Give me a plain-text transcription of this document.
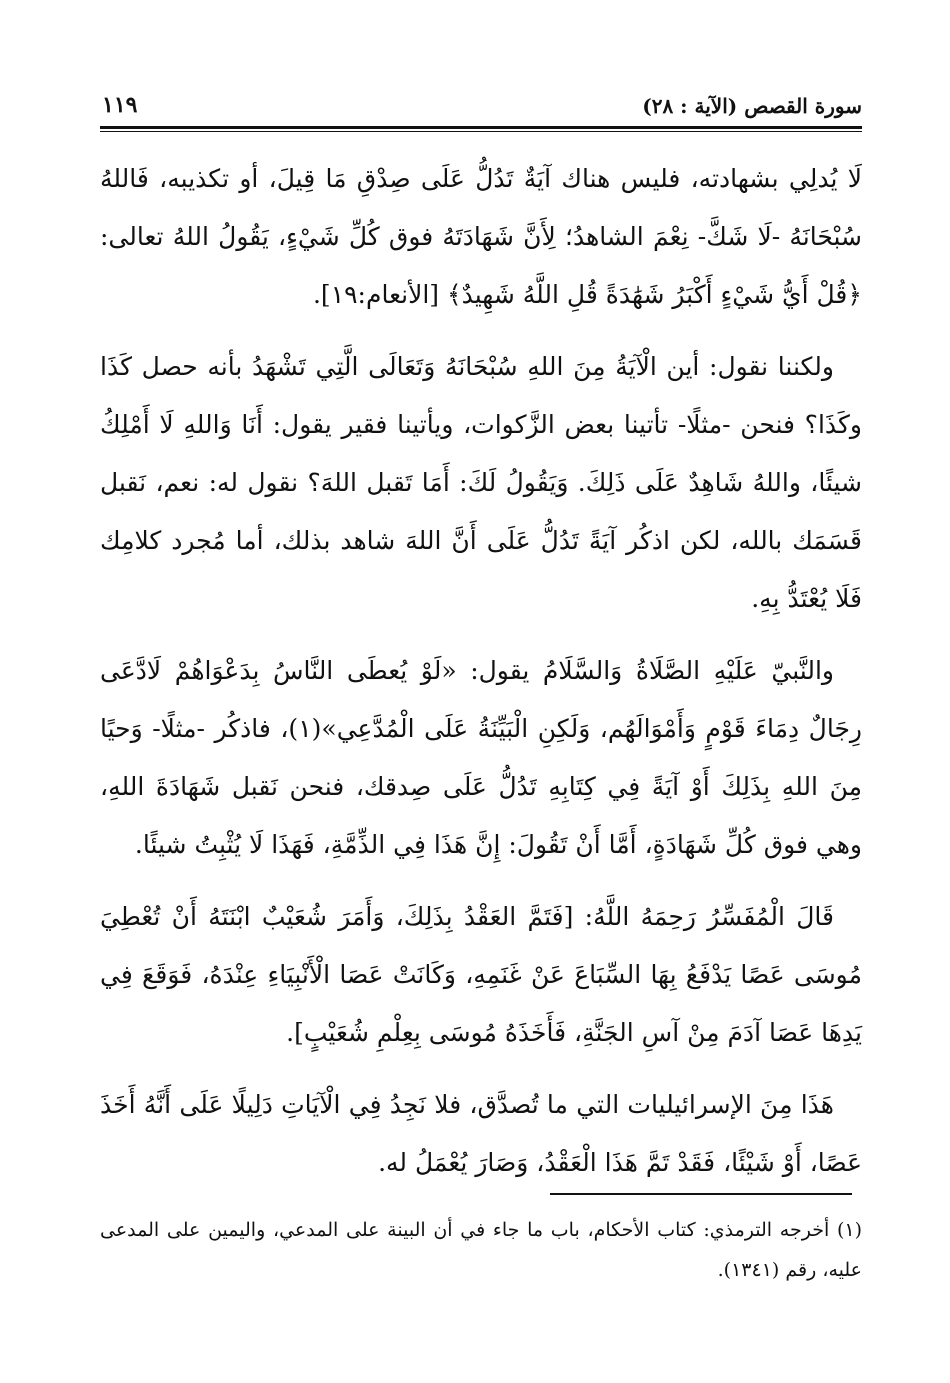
سورة القصص (الآية : ٢٨)
١١٩

لَا يُدلِي بشهادته، فليس هناك آيَةٌ تَدُلُّ عَلَى صِدْقِ مَا قِيلَ، أو تكذيبه، فَاللهُ سُبْحَانَهُ -لَا شَكَّ- نِعْمَ الشاهدُ؛ لِأَنَّ شَهَادَتَهُ فوق كُلِّ شَيْءٍ، يَقُولُ اللهُ تعالى: ﴿قُلْ أَيُّ شَيْءٍ أَكْبَرُ شَهَٰدَةً قُلِ اللَّهُ شَهِيدٌ﴾ [الأنعام:١٩].

ولكننا نقول: أين الْآيَةُ مِنَ اللهِ سُبْحَانَهُ وَتَعَالَى الَّتِي تَشْهَدُ بأنه حصل كَذَا وكَذَا؟ فنحن -مثلًا- تأتينا بعض الزَّكوات، ويأتينا فقير يقول: أَنَا وَاللهِ لَا أَمْلِكُ شيئًا، واللهُ شَاهِدٌ عَلَى ذَلِكَ. وَيَقُولُ لَكَ: أَمَا تَقبل اللهَ؟ نقول له: نعم، نَقبل قَسَمَك بالله، لكن اذكُر آيَةً تَدُلُّ عَلَى أَنَّ اللهَ شاهد بذلك، أما مُجرد كلامِك فَلَا يُعْتَدُّ بِهِ.

والنَّبيّ عَلَيْهِ الصَّلَاةُ وَالسَّلَامُ يقول: «لَوْ يُعطَى النَّاسُ بِدَعْوَاهُمْ لَادَّعَى رِجَالٌ دِمَاءَ قَوْمٍ وَأَمْوَالَهُم، وَلَكِنِ الْبَيِّنَةُ عَلَى الْمُدَّعِي»(١)، فاذكُر -مثلًا- وَحيًا مِنَ اللهِ بِذَلِكَ أَوْ آيَةً فِي كِتَابِهِ تَدُلُّ عَلَى صِدقك، فنحن نَقبل شَهَادَةَ اللهِ، وهي فوق كُلِّ شَهَادَةٍ، أَمَّا أَنْ تَقُولَ: إِنَّ هَذَا فِي الذِّمَّةِ، فَهَذَا لَا يُثْبِتُ شيئًا.

قَالَ الْمُفَسِّرُ رَحِمَهُ اللَّهُ: [فَتَمَّ العَقْدُ بِذَلِكَ، وَأَمَرَ شُعَيْبٌ ابْنَتَهُ أَنْ تُعْطِيَ مُوسَى عَصًا يَدْفَعُ بِهَا السِّبَاعَ عَنْ غَنَمِهِ، وَكَانَتْ عَصَا الْأَنْبِيَاءِ عِنْدَهُ، فَوَقَعَ فِي يَدِهَا عَصَا آدَمَ مِنْ آسِ الجَنَّةِ، فَأَخَذَهُ مُوسَى بِعِلْمِ شُعَيْبٍ].

هَذَا مِنَ الإسرائيليات التي ما تُصدَّق، فلا نَجِدُ فِي الْآيَاتِ دَلِيلًا عَلَى أَنَّهُ أَخَذَ عَصًا، أَوْ شَيْئًا، فَقَدْ تَمَّ هَذَا الْعَقْدُ، وَصَارَ يُعْمَلُ له.

(١) أخرجه الترمذي: كتاب الأحكام، باب ما جاء في أن البينة على المدعي، واليمين على المدعى عليه، رقم (١٣٤١).
